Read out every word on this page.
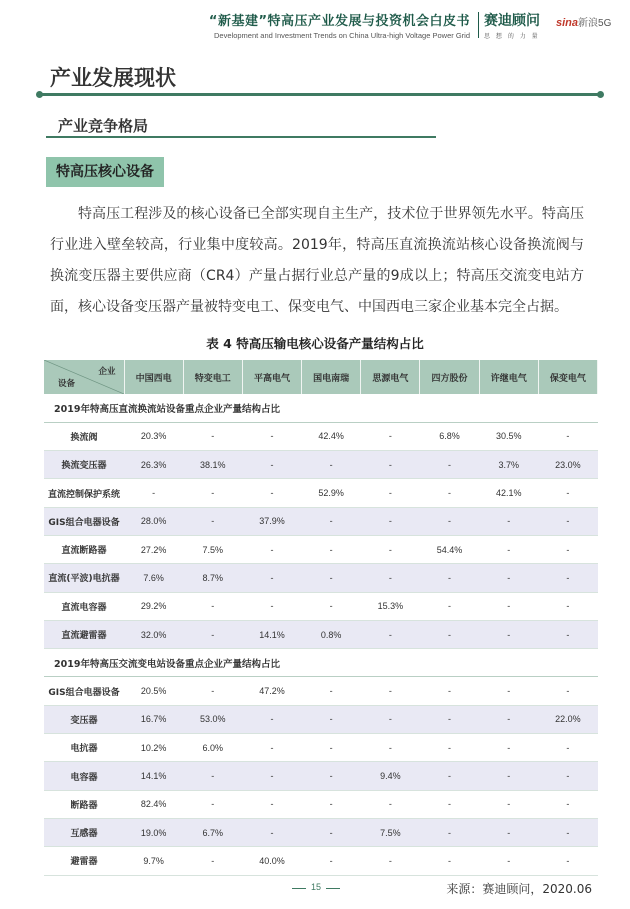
“新基建”特高压产业发展与投资机会白皮书
Development and Investment Trends on China Ultra-high Voltage Power Grid
赛迪顾问
思 想 的 力 量
sina新浪5G
产业发展现状
产业竞争格局
特高压核心设备

特高压工程涉及的核心设备已全部实现自主生产，技术位于世界领先水平。特高压行业进入壁垒较高，行业集中度较高。2019年，特高压直流换流站核心设备换流阀与换流变压器主要供应商（CR4）产量占据行业总产量的9成以上；特高压交流变电站方面，核心设备变压器产量被特变电工、保变电气、中国西电三家企业基本完全占据。

表 4 特高压输电核心设备产量结构占比
企业
设备	中国西电	特变电工	平高电气	国电南瑞	思源电气	四方股份	许继电气	保变电气
2019年特高压直流换流站设备重点企业产量结构占比								
换流阀	20.3%	-	-	42.4%	-	6.8%	30.5%	-
换流变压器	26.3%	38.1%	-	-	-	-	3.7%	23.0%
直流控制保护系统	-	-	-	52.9%	-	-	42.1%	-
GIS组合电器设备	28.0%	-	37.9%	-	-	-	-	-
直流断路器	27.2%	7.5%	-	-	-	54.4%	-	-
直流(平波)电抗器	7.6%	8.7%	-	-	-	-	-	-
直流电容器	29.2%	-	-	-	15.3%	-	-	-
直流避雷器	32.0%	-	14.1%	0.8%	-	-	-	-
2019年特高压交流变电站设备重点企业产量结构占比								
GIS组合电器设备	20.5%	-	47.2%	-	-	-	-	-
变压器	16.7%	53.0%	-	-	-	-	-	22.0%
电抗器	10.2%	6.0%	-	-	-	-	-	-
电容器	14.1%	-	-	-	9.4%	-	-	-
断路器	82.4%	-	-	-	-	-	-	-
互感器	19.0%	6.7%	-	-	7.5%	-	-	-
避雷器	9.7%	-	40.0%	-	-	-	-	-
15	来源：赛迪顾问，2020.06
